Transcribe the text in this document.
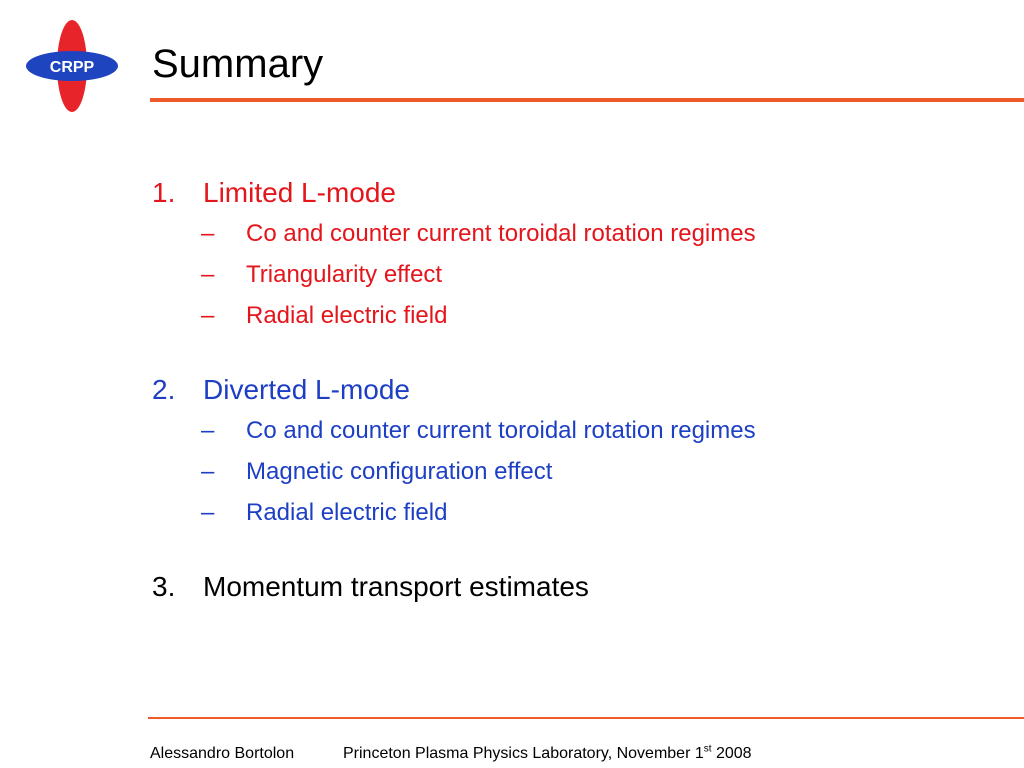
CRPP Summary
1. Limited L-mode
–	Co and counter current toroidal rotation regimes
–	Triangularity effect
–	Radial electric field
2. Diverted L-mode
–	Co and counter current toroidal rotation regimes
–	Magnetic configuration effect
–	Radial electric field
3. Momentum transport estimates
Alessandro Bortolon	Princeton Plasma Physics Laboratory, November 1st 2008
